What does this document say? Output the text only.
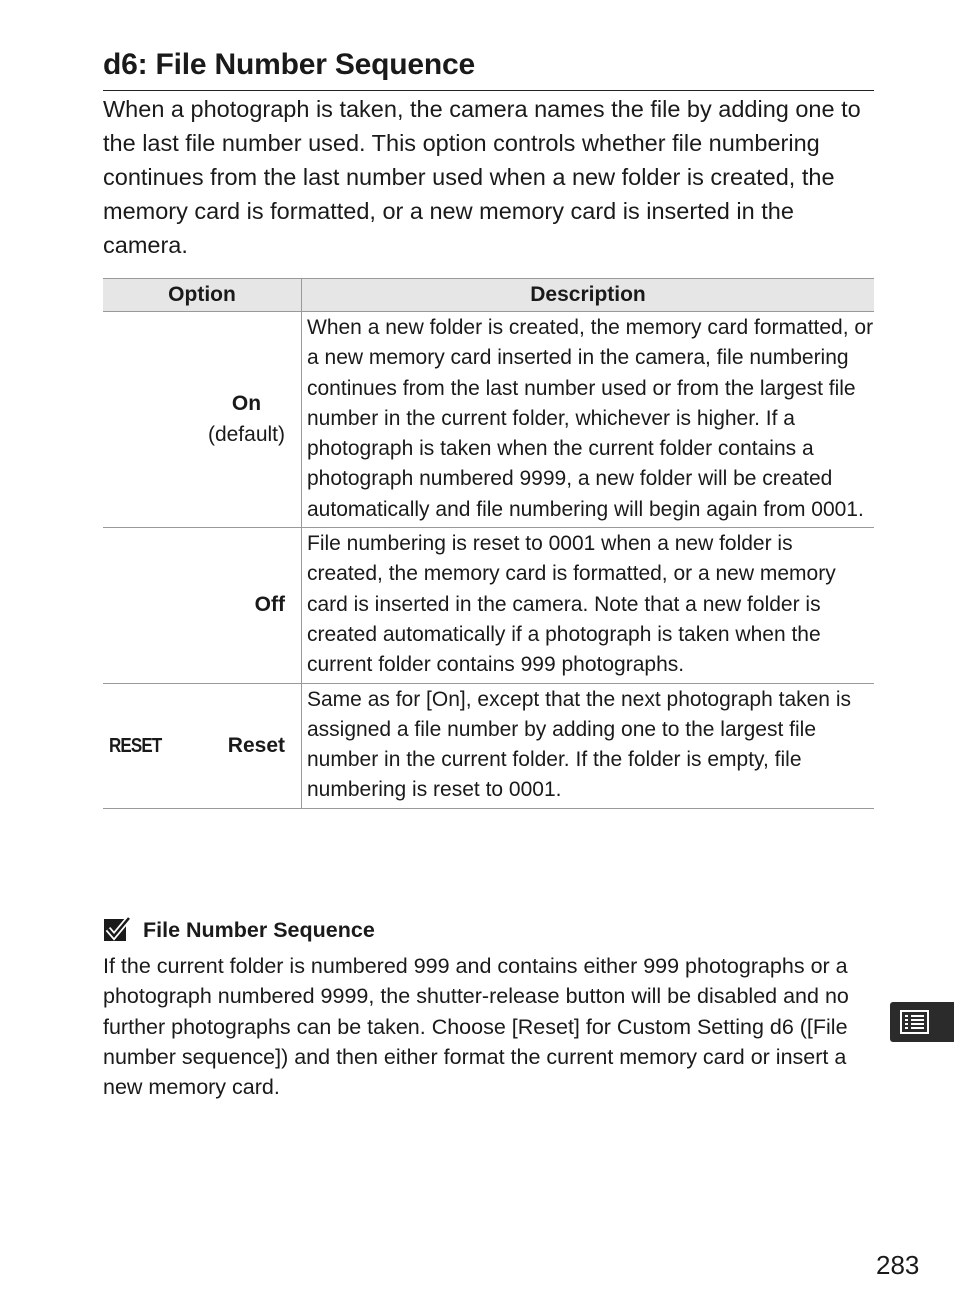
d6: File Number Sequence

When a photograph is taken, the camera names the file by adding one to the last file number used. This option controls whether file numbering continues from the last number used when a new folder is created, the memory card is formatted, or a new memory card is inserted in the camera.

Option	Description
On
(default)	When a new folder is created, the memory card formatted, or a new memory card inserted in the camera, file numbering continues from the last number used or from the largest file number in the current folder, whichever is higher. If a photograph is taken when the current folder contains a photograph numbered 9999, a new folder will be created automatically and file numbering will begin again from 0001.
Off	File numbering is reset to 0001 when a new folder is created, the memory card is formatted, or a new memory card is inserted in the camera. Note that a new folder is created automatically if a photograph is taken when the current folder contains 999 photographs.

RESET Reset	Same as for [On], except that the next photograph taken is assigned a file number by adding one to the largest file number in the current folder. If the folder is empty, file numbering is reset to 0001.
File Number Sequence

If the current folder is numbered 999 and contains either 999 photographs or a photograph numbered 9999, the shutter-release button will be disabled and no further photographs can be taken. Choose [Reset] for Custom Setting d6 ([File number sequence]) and then either format the current memory card or insert a new memory card.

283
